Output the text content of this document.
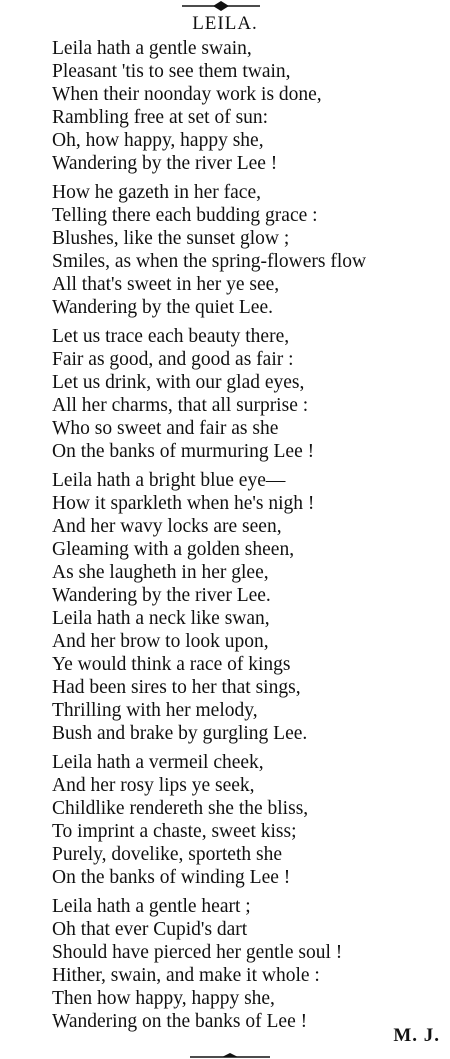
LEILA.
Leila hath a gentle swain,
Pleasant 'tis to see them twain,
When their noonday work is done,
Rambling free at set of sun:
Oh, how happy, happy she,
Wandering by the river Lee !
How he gazeth in her face,
Telling there each budding grace :
Blushes, like the sunset glow ;
Smiles, as when the spring-flowers flow
All that's sweet in her ye see,
Wandering by the quiet Lee.
Let us trace each beauty there,
Fair as good, and good as fair :
Let us drink, with our glad eyes,
All her charms, that all surprise :
Who so sweet and fair as she
On the banks of murmuring Lee !
Leila hath a bright blue eye—
How it sparkleth when he's nigh !
And her wavy locks are seen,
Gleaming with a golden sheen,
As she laugheth in her glee,
Wandering by the river Lee.
Leila hath a neck like swan,
And her brow to look upon,
Ye would think a race of kings
Had been sires to her that sings,
Thrilling with her melody,
Bush and brake by gurgling Lee.
Leila hath a vermeil cheek,
And her rosy lips ye seek,
Childlike rendereth she the bliss,
To imprint a chaste, sweet kiss;
Purely, dovelike, sporteth she
On the banks of winding Lee !
Leila hath a gentle heart ;
Oh that ever Cupid's dart
Should have pierced her gentle soul !
Hither, swain, and make it whole :
Then how happy, happy she,
Wandering on the banks of Lee !
M. J.
